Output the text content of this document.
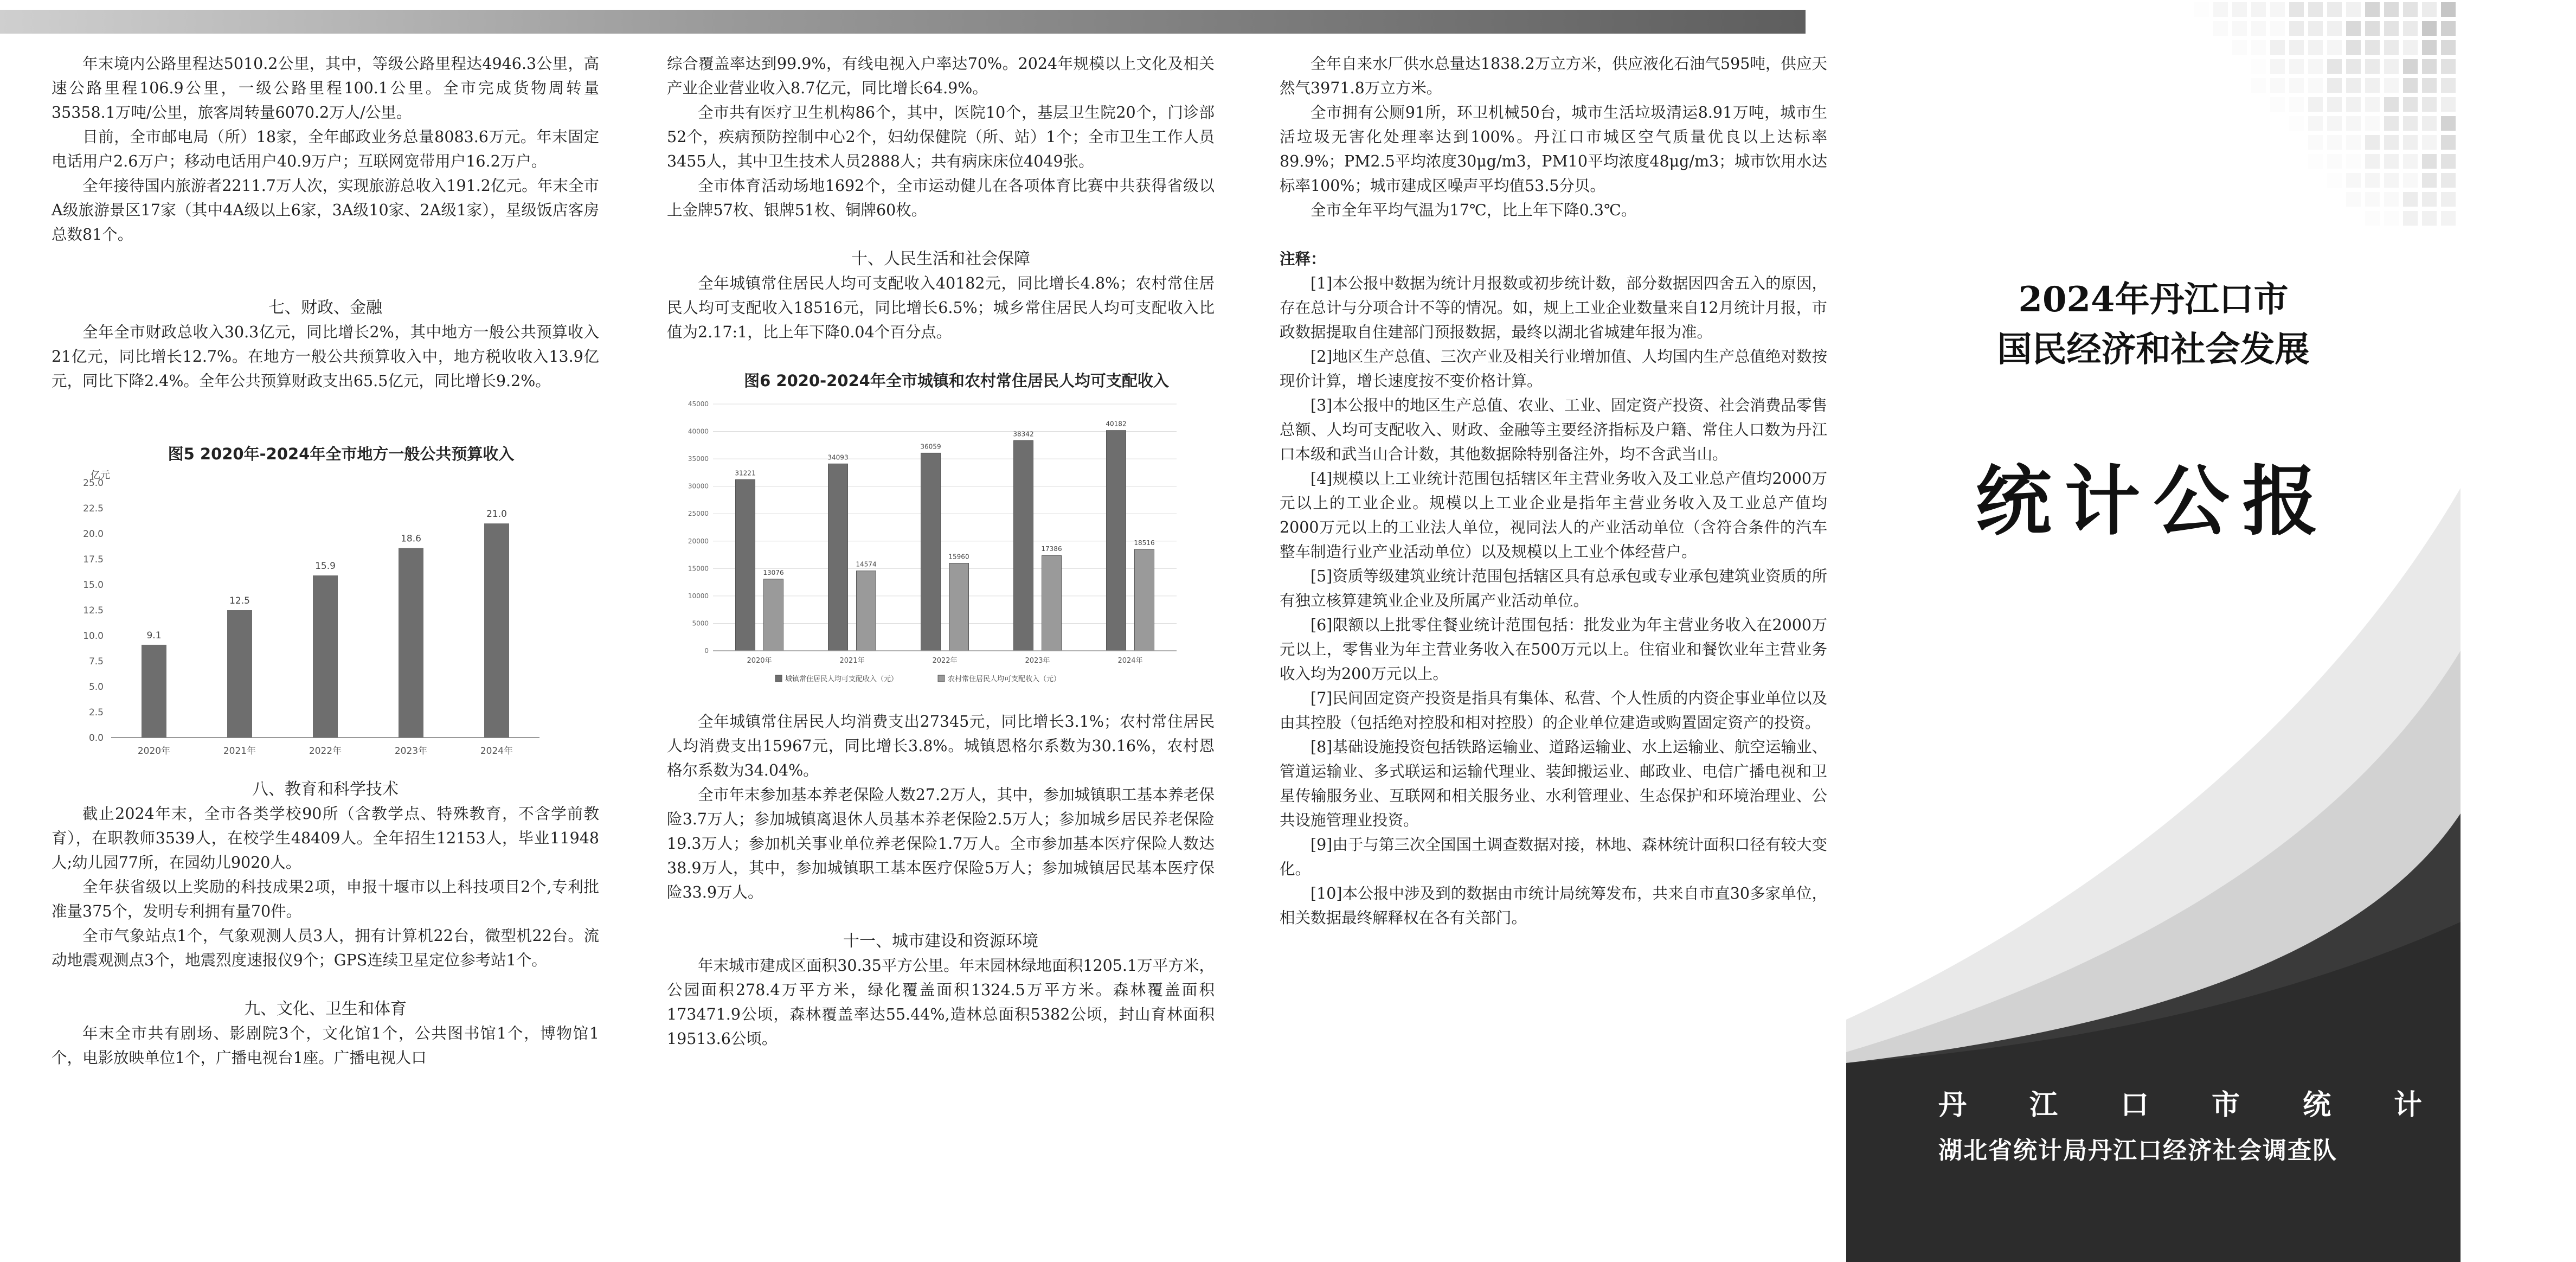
年末境内公路里程达5010.2公里，其中，等级公路里程达4946.3公里，高速公路里程106.9公里，一级公路里程100.1公里。全市完成货物周转量35358.1万吨/公里，旅客周转量6070.2万人/公里。

目前，全市邮电局（所）18家，全年邮政业务总量8083.6万元。年末固定电话用户2.6万户；移动电话用户40.9万户；互联网宽带用户16.2万户。

全年接待国内旅游者2211.7万人次，实现旅游总收入191.2亿元。年末全市A级旅游景区17家（其中4A级以上6家，3A级10家、2A级1家），星级饭店客房总数81个。

七、财政、金融

全年全市财政总收入30.3亿元，同比增长2%，其中地方一般公共预算收入21亿元，同比增长12.7%。在地方一般公共预算收入中，地方税收收入13.9亿元，同比下降2.4%。全年公共预算财政支出65.5亿元，同比增长9.2%。

图5 2020年-2024年全市地方一般公共预算收入

亿元
0.0
2.5
5.0
7.5
10.0
12.5
15.0
17.5
20.0
22.5
25.0
9.1
2020年
12.5
2021年
15.9
2022年
18.6
2023年
21.0
2024年
八、教育和科学技术

截止2024年末，全市各类学校90所（含教学点、特殊教育，不含学前教育），在职教师3539人，在校学生48409人。全年招生12153人，毕业11948人;幼儿园77所，在园幼儿9020人。

全年获省级以上奖励的科技成果2项，申报十堰市以上科技项目2个,专利批准量375个，发明专利拥有量70件。

全市气象站点1个，气象观测人员3人，拥有计算机22台，微型机22台。流动地震观测点3个，地震烈度速报仪9个；GPS连续卫星定位参考站1个。

九、文化、卫生和体育

年末全市共有剧场、影剧院3个，文化馆1个，公共图书馆1个，博物馆1个，电影放映单位1个，广播电视台1座。广播电视人口

综合覆盖率达到99.9%，有线电视入户率达70%。2024年规模以上文化及相关产业企业营业收入8.7亿元，同比增长64.9%。

全市共有医疗卫生机构86个，其中，医院10个，基层卫生院20个，门诊部52个，疾病预防控制中心2个，妇幼保健院（所、站）1个；全市卫生工作人员3455人，其中卫生技术人员2888人；共有病床床位4049张。

全市体育活动场地1692个，全市运动健儿在各项体育比赛中共获得省级以上金牌57枚、银牌51枚、铜牌60枚。

十、人民生活和社会保障

全年城镇常住居民人均可支配收入40182元，同比增长4.8%；农村常住居民人均可支配收入18516元，同比增长6.5%；城乡常住居民人均可支配收入比值为2.17:1，比上年下降0.04个百分点。

图6 2020-2024年全市城镇和农村常住居民人均可支配收入

0
5000
10000
15000
20000
25000
30000
35000
40000
45000
31221
13076
2020年
34093
14574
2021年
36059
15960
2022年
38342
17386
2023年
40182
18516
2024年
城镇常住居民人均可支配收入（元）	农村常住居民人均可支配收入（元）

全年城镇常住居民人均消费支出27345元，同比增长3.1%；农村常住居民人均消费支出15967元，同比增长3.8%。城镇恩格尔系数为30.16%，农村恩格尔系数为34.04%。

全市年末参加基本养老保险人数27.2万人，其中，参加城镇职工基本养老保险3.7万人；参加城镇离退休人员基本养老保险2.5万人；参加城乡居民养老保险19.3万人；参加机关事业单位养老保险1.7万人。全市参加基本医疗保险人数达38.9万人，其中，参加城镇职工基本医疗保险5万人；参加城镇居民基本医疗保险33.9万人。

十一、城市建设和资源环境

年末城市建成区面积30.35平方公里。年末园林绿地面积1205.1万平方米，公园面积278.4万平方米，绿化覆盖面积1324.5万平方米。森林覆盖面积173471.9公顷，森林覆盖率达55.44%,造林总面积5382公顷，封山育林面积19513.6公顷。

全年自来水厂供水总量达1838.2万立方米，供应液化石油气595吨，供应天然气3971.8万立方米。

全市拥有公厕91所，环卫机械50台，城市生活垃圾清运8.91万吨，城市生活垃圾无害化处理率达到100%。丹江口市城区空气质量优良以上达标率89.9%；PM2.5平均浓度30μg/m3，PM10平均浓度48μg/m3；城市饮用水达标率100%；城市建成区噪声平均值53.5分贝。

全市全年平均气温为17℃，比上年下降0.3℃。

注释：

[1]本公报中数据为统计月报数或初步统计数，部分数据因四舍五入的原因，存在总计与分项合计不等的情况。如，规上工业企业数量来自12月统计月报，市政数据提取自住建部门预报数据，最终以湖北省城建年报为准。

[2]地区生产总值、三次产业及相关行业增加值、人均国内生产总值绝对数按现价计算，增长速度按不变价格计算。

[3]本公报中的地区生产总值、农业、工业、固定资产投资、社会消费品零售总额、人均可支配收入、财政、金融等主要经济指标及户籍、常住人口数为丹江口本级和武当山合计数，其他数据除特别备注外，均不含武当山。

[4]规模以上工业统计范围包括辖区年主营业务收入及工业总产值均2000万元以上的工业企业。规模以上工业企业是指年主营业务收入及工业总产值均2000万元以上的工业法人单位，视同法人的产业活动单位（含符合条件的汽车整车制造行业产业活动单位）以及规模以上工业个体经营户。

[5]资质等级建筑业统计范围包括辖区具有总承包或专业承包建筑业资质的所有独立核算建筑业企业及所属产业活动单位。

[6]限额以上批零住餐业统计范围包括：批发业为年主营业务收入在2000万元以上，零售业为年主营业务收入在500万元以上。住宿业和餐饮业年主营业务收入均为200万元以上。

[7]民间固定资产投资是指具有集体、私营、个人性质的内资企事业单位以及由其控股（包括绝对控股和相对控股）的企业单位建造或购置固定资产的投资。

[8]基础设施投资包括铁路运输业、道路运输业、水上运输业、航空运输业、管道运输业、多式联运和运输代理业、装卸搬运业、邮政业、电信广播电视和卫星传输服务业、互联网和相关服务业、水利管理业、生态保护和环境治理业、公共设施管理业投资。

[9]由于与第三次全国国土调查数据对接，林地、森林统计面积口径有较大变化。

[10]本公报中涉及到的数据由市统计局统筹发布，共来自市直30多家单位，相关数据最终解释权在各有关部门。

2024年丹江口市
国民经济和社会发展
统计公报
丹江口市统计局
湖北省统计局丹江口经济社会调查队
